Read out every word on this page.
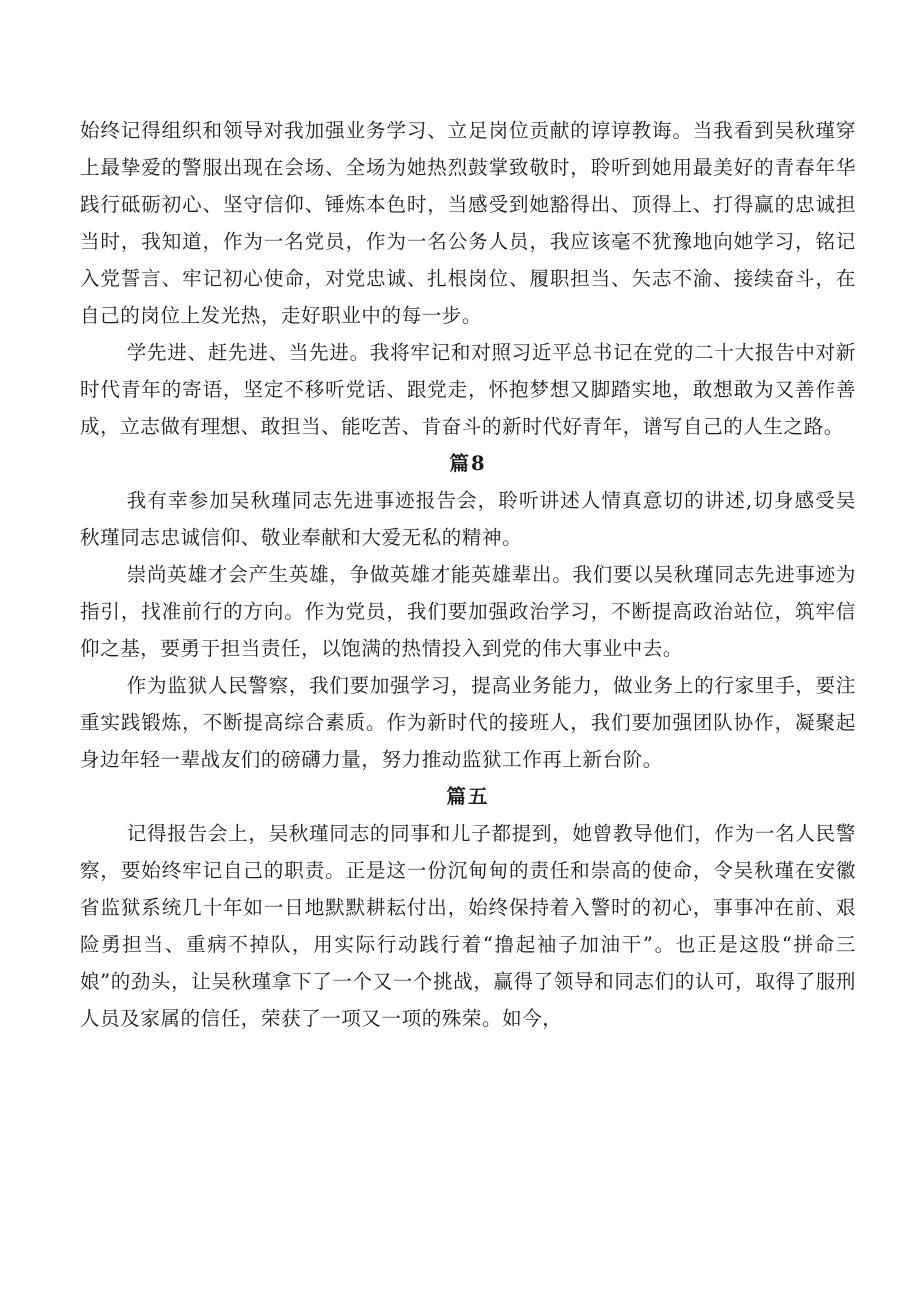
始终记得组织和领导对我加强业务学习、立足岗位贡献的谆谆教诲。当我看到吴秋瑾穿上最挚爱的警服出现在会场、全场为她热烈鼓掌致敬时，聆听到她用最美好的青春年华践行砥砺初心、坚守信仰、锤炼本色时，当感受到她豁得出、顶得上、打得赢的忠诚担当时，我知道，作为一名党员，作为一名公务人员，我应该毫不犹豫地向她学习，铭记入党誓言、牢记初心使命，对党忠诚、扎根岗位、履职担当、矢志不渝、接续奋斗，在自己的岗位上发光热，走好职业中的每一步。

学先进、赶先进、当先进。我将牢记和对照习近平总书记在党的二十大报告中对新时代青年的寄语，坚定不移听党话、跟党走，怀抱梦想又脚踏实地，敢想敢为又善作善成，立志做有理想、敢担当、能吃苦、肯奋斗的新时代好青年，谱写自己的人生之路。

篇8

我有幸参加吴秋瑾同志先进事迹报告会，聆听讲述人情真意切的讲述,切身感受吴秋瑾同志忠诚信仰、敬业奉献和大爱无私的精神。

崇尚英雄才会产生英雄，争做英雄才能英雄辈出。我们要以吴秋瑾同志先进事迹为指引，找准前行的方向。作为党员，我们要加强政治学习，不断提高政治站位，筑牢信仰之基，要勇于担当责任，以饱满的热情投入到党的伟大事业中去。

作为监狱人民警察，我们要加强学习，提高业务能力，做业务上的行家里手，要注重实践锻炼，不断提高综合素质。作为新时代的接班人，我们要加强团队协作，凝聚起身边年轻一辈战友们的磅礴力量，努力推动监狱工作再上新台阶。

篇五

记得报告会上，吴秋瑾同志的同事和儿子都提到，她曾教导他们，作为一名人民警察，要始终牢记自己的职责。正是这一份沉甸甸的责任和崇高的使命，令吴秋瑾在安徽省监狱系统几十年如一日地默默耕耘付出，始终保持着入警时的初心，事事冲在前、艰险勇担当、重病不掉队，用实际行动践行着“撸起袖子加油干”。也正是这股“拼命三娘”的劲头，让吴秋瑾拿下了一个又一个挑战，赢得了领导和同志们的认可，取得了服刑人员及家属的信任，荣获了一项又一项的殊荣。如今，
